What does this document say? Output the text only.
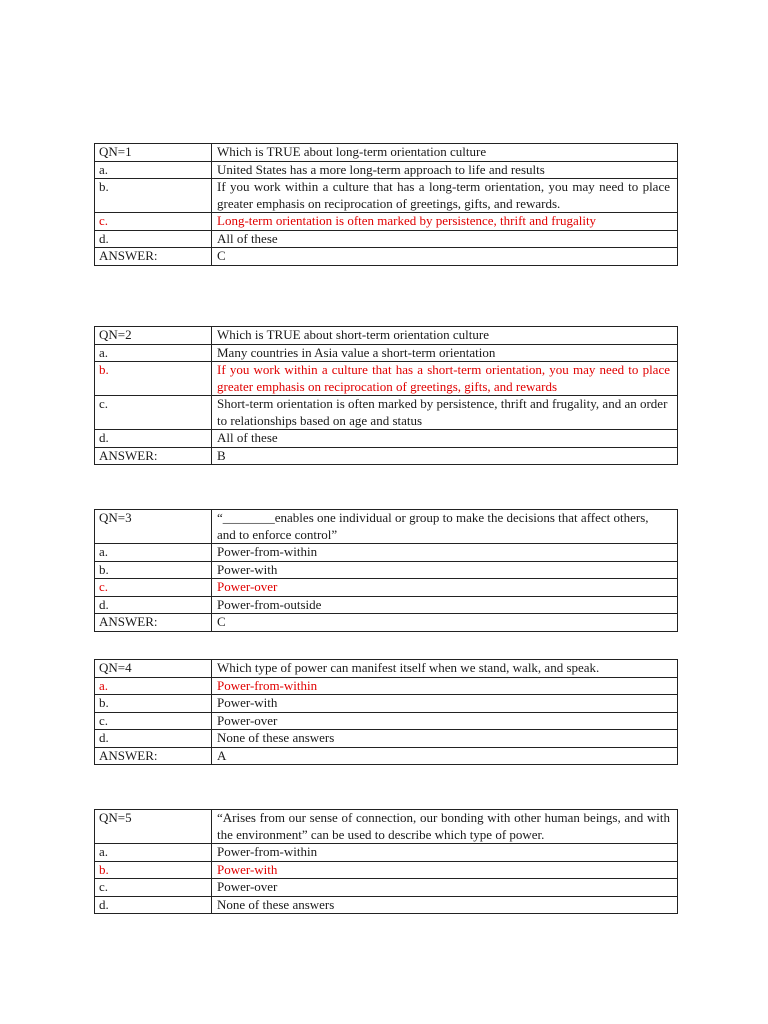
QN=1	Which is TRUE about long-term orientation culture
a.	United States has a more long-term approach to life and results
b.	If you work within a culture that has a long-term orientation, you may need to place greater emphasis on reciprocation of greetings, gifts, and rewards.
c.	Long-term orientation is often marked by persistence, thrift and frugality
d.	All of these
ANSWER:	C
QN=2	Which is TRUE about short-term orientation culture
a.	Many countries in Asia value a short-term orientation
b.	If you work within a culture that has a short-term orientation, you may need to place greater emphasis on reciprocation of greetings, gifts, and rewards
c.	Short-term orientation is often marked by persistence, thrift and frugality, and an order to relationships based on age and status
d.	All of these
ANSWER:	B
QN=3	“________enables one individual or group to make the decisions that affect others, and to enforce control”
a.	Power-from-within
b.	Power-with
c.	Power-over
d.	Power-from-outside
ANSWER:	C
QN=4	Which type of power can manifest itself when we stand, walk, and speak.
a.	Power-from-within
b.	Power-with
c.	Power-over
d.	None of these answers
ANSWER:	A
QN=5	“Arises from our sense of connection, our bonding with other human beings, and with the environment” can be used to describe which type of power.
a.	Power-from-within
b.	Power-with
c.	Power-over
d.	None of these answers
